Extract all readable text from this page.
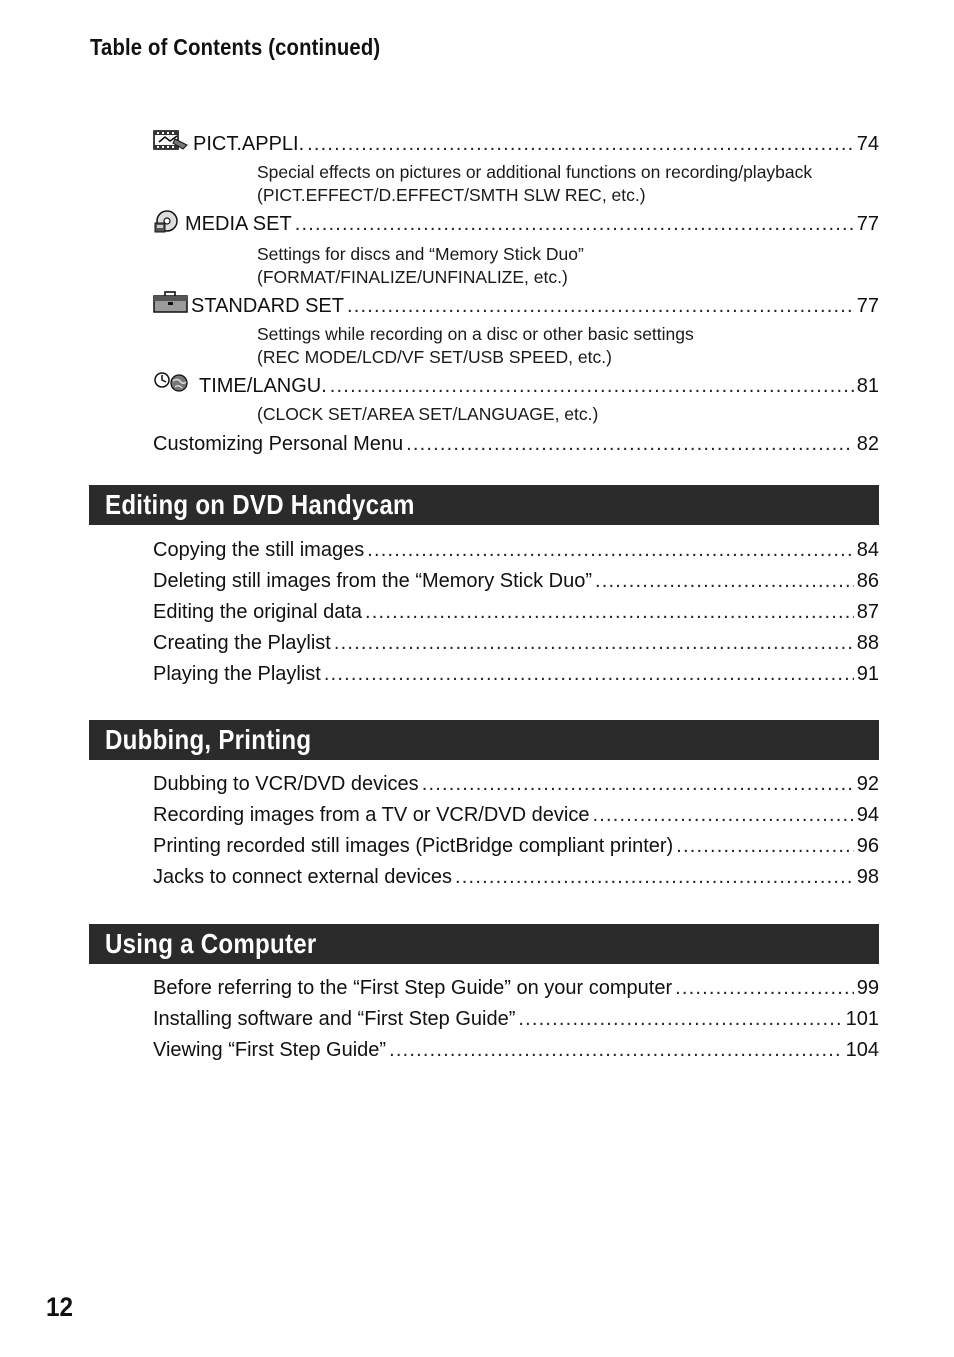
Table of Contents (continued)
PICT.APPLI. .....	74
Special effects on pictures or additional functions on recording/playback
(PICT.EFFECT/D.EFFECT/SMTH SLW REC, etc.)
MEDIA SET .....	77
Settings for discs and “Memory Stick Duo”
(FORMAT/FINALIZE/UNFINALIZE, etc.)
STANDARD SET .....	77
Settings while recording on a disc or other basic settings
(REC MODE/LCD/VF SET/USB SPEED, etc.)
TIME/LANGU. .....	81
(CLOCK SET/AREA SET/LANGUAGE, etc.)
Customizing Personal Menu .....	82
Editing on DVD Handycam
Copying the still images .....	84
Deleting still images from the “Memory Stick Duo” .....	86
Editing the original data .....	87
Creating the Playlist .....	88
Playing the Playlist .....	91
Dubbing, Printing
Dubbing to VCR/DVD devices .....	92
Recording images from a TV or VCR/DVD device .....	94
Printing recorded still images (PictBridge compliant printer) .....	96
Jacks to connect external devices .....	98
Using a Computer
Before referring to the “First Step Guide” on your computer .....	99
Installing software and “First Step Guide” .....	101
Viewing “First Step Guide” .....	104
12
